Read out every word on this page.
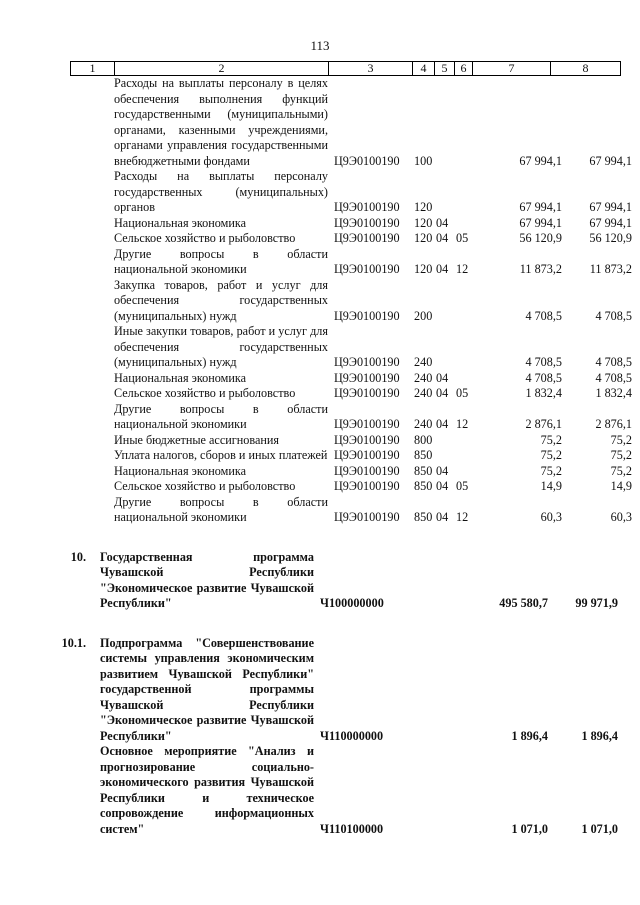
113
1	2	3	4	5	6	7	8
Расходы на выплаты персоналу в целях обеспечения выполнения функций государственными (муниципальными) органами, казенными учреждениями, органами управления государственными внебюджетными фондами	Ц9Э0100190	100	67 994,1	67 994,1
Расходы на выплаты персоналу государственных (муниципальных) органов	Ц9Э0100190	120	67 994,1	67 994,1
Национальная экономика	Ц9Э0100190	120 04	67 994,1	67 994,1
Сельское хозяйство и рыболовство	Ц9Э0100190	120 04 05	56 120,9	56 120,9
Другие вопросы в области национальной экономики	Ц9Э0100190	120 04 12	11 873,2	11 873,2
Закупка товаров, работ и услуг для обеспечения государственных (муниципальных) нужд	Ц9Э0100190	200	4 708,5	4 708,5
Иные закупки товаров, работ и услуг для обеспечения государственных (муниципальных) нужд	Ц9Э0100190	240	4 708,5	4 708,5
Национальная экономика	Ц9Э0100190	240 04	4 708,5	4 708,5
Сельское хозяйство и рыболовство	Ц9Э0100190	240 04 05	1 832,4	1 832,4
Другие вопросы в области национальной экономики	Ц9Э0100190	240 04 12	2 876,1	2 876,1
Иные бюджетные ассигнования	Ц9Э0100190	800	75,2	75,2
Уплата налогов, сборов и иных платежей Ц9Э0100190	850	75,2	75,2
Национальная экономика	Ц9Э0100190	850 04	75,2	75,2
Сельское хозяйство и рыболовство	Ц9Э0100190	850 04 05	14,9	14,9
Другие вопросы в области национальной экономики	Ц9Э0100190	850 04 12	60,3	60,3
10.	Государственная программа Чувашской Республики "Экономическое развитие Чувашской Республики"	Ч100000000	495 580,7	99 971,9
10.1.	Подпрограмма "Совершенствование системы управления экономическим развитием Чувашской Республики" государственной программы Чувашской Республики "Экономическое развитие Чувашской Республики"	Ч110000000	1 896,4	1 896,4
Основное мероприятие "Анализ и прогнозирование социально-экономического развития Чувашской Республики и техническое сопровождение информационных систем"	Ч110100000	1 071,0	1 071,0
